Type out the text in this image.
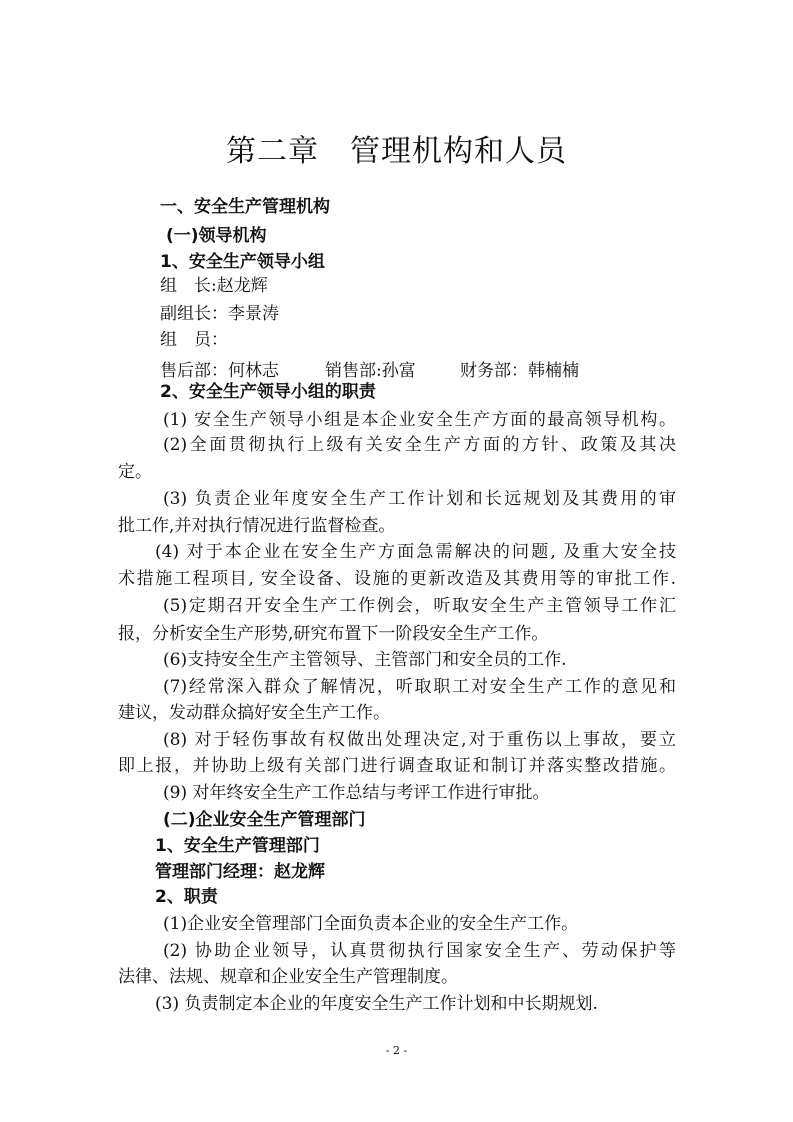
第二章　管理机构和人员
一、安全生产管理机构
(一)领导机构
1、安全生产领导小组
组　长:赵龙辉
副组长：李景涛
组　员：
售后部：何林志	销售部:孙富	财务部：韩楠楠
2、安全生产领导小组的职责
(1) 安全生产领导小组是本企业安全生产方面的最高领导机构。
(2)全面贯彻执行上级有关安全生产方面的方针、政策及其决
定。
(3) 负责企业年度安全生产工作计划和长远规划及其费用的审
批工作,并对执行情况进行监督检查。
(4) 对于本企业在安全生产方面急需解决的问题, 及重大安全技
术措施工程项目, 安全设备、设施的更新改造及其费用等的审批工作.
(5)定期召开安全生产工作例会，听取安全生产主管领导工作汇
报，分析安全生产形势,研究布置下一阶段安全生产工作。
(6)支持安全生产主管领导、主管部门和安全员的工作.
(7)经常深入群众了解情况，听取职工对安全生产工作的意见和
建议，发动群众搞好安全生产工作。
(8) 对于轻伤事故有权做出处理决定,对于重伤以上事故，要立
即上报，并协助上级有关部门进行调查取证和制订并落实整改措施。
(9) 对年终安全生产工作总结与考评工作进行审批。
(二)企业安全生产管理部门
1、安全生产管理部门
管理部门经理：赵龙辉
2、职责
(1)企业安全管理部门全面负责本企业的安全生产工作。
(2) 协助企业领导，认真贯彻执行国家安全生产、劳动保护等
法律、法规、规章和企业安全生产管理制度。
(3) 负责制定本企业的年度安全生产工作计划和中长期规划.
- 2 -
